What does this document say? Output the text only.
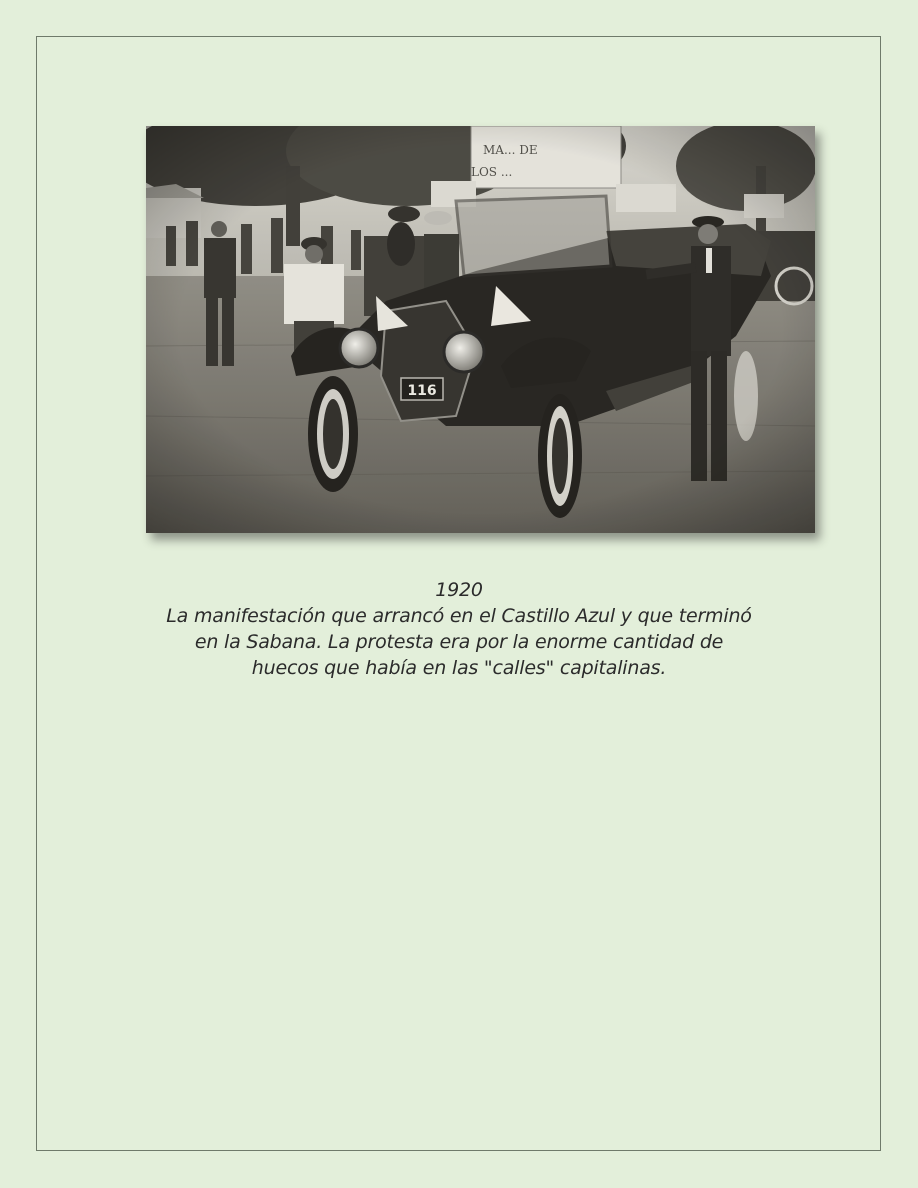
1920
La manifestación que arrancó en el Castillo Azul y que terminó
en la Sabana. La protesta era por la enorme cantidad de
huecos que había en las "calles" capitalinas.
